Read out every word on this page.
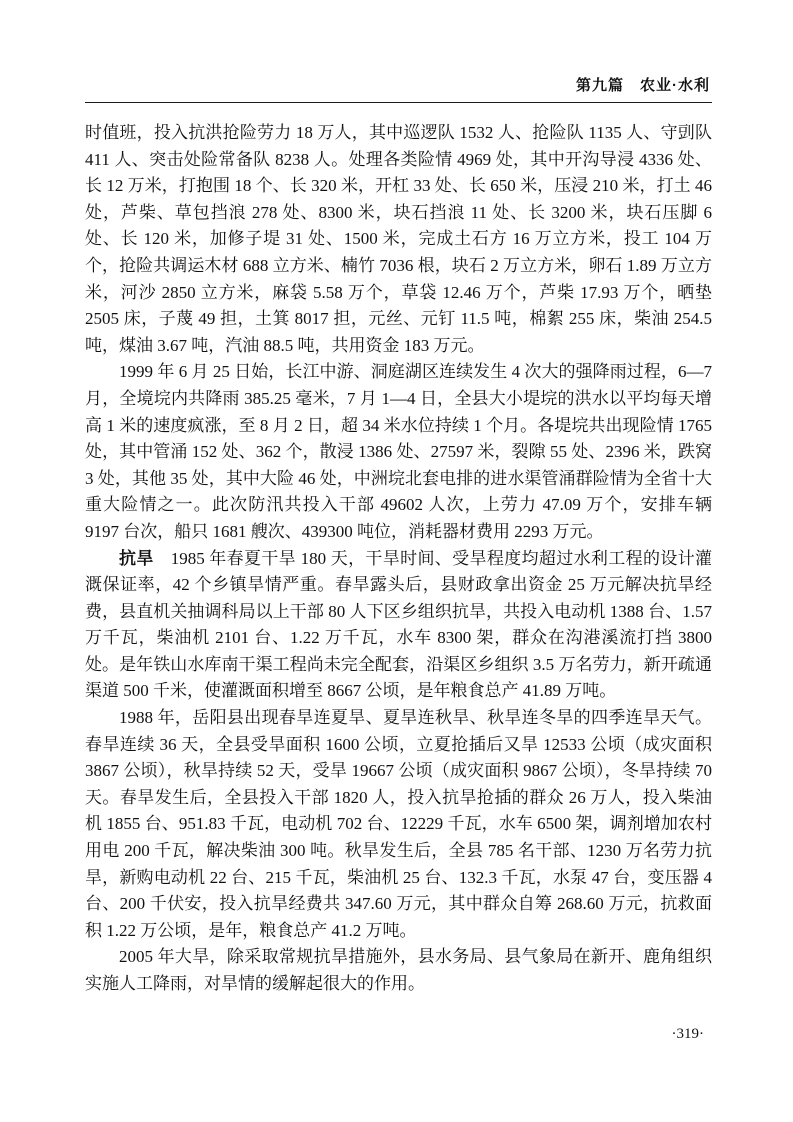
第九篇　农业·水利

时值班，投入抗洪抢险劳力 18 万人，其中巡逻队 1532 人、抢险队 1135 人、守剅队 411 人、突击处险常备队 8238 人。处理各类险情 4969 处，其中开沟导浸 4336 处、长 12 万米，打抱围 18 个、长 320 米，开杠 33 处、长 650 米，压浸 210 米，打土 46 处，芦柴、草包挡浪 278 处、8300 米，块石挡浪 11 处、长 3200 米，块石压脚 6 处、长 120 米，加修子堤 31 处、1500 米，完成土石方 16 万立方米，投工 104 万个，抢险共调运木材 688 立方米、楠竹 7036 根，块石 2 万立方米，卵石 1.89 万立方米，河沙 2850 立方米，麻袋 5.58 万个，草袋 12.46 万个，芦柴 17.93 万个，晒垫 2505 床，子蔑 49 担，土箕 8017 担，元丝、元钉 11.5 吨，棉絮 255 床，柴油 254.5 吨，煤油 3.67 吨，汽油 88.5 吨，共用资金 183 万元。

1999 年 6 月 25 日始，长江中游、洞庭湖区连续发生 4 次大的强降雨过程，6—7 月，全境垸内共降雨 385.25 毫米，7 月 1—4 日，全县大小堤垸的洪水以平均每天增高 1 米的速度疯涨，至 8 月 2 日，超 34 米水位持续 1 个月。各堤垸共出现险情 1765 处，其中管涌 152 处、362 个，散浸 1386 处、27597 米，裂隙 55 处、2396 米，跌窝 3 处，其他 35 处，其中大险 46 处，中洲垸北套电排的进水渠管涌群险情为全省十大重大险情之一。此次防汛共投入干部 49602 人次，上劳力 47.09 万个，安排车辆 9197 台次，船只 1681 艘次、439300 吨位，消耗器材费用 2293 万元。

抗旱 1985 年春夏干旱 180 天，干旱时间、受旱程度均超过水利工程的设计灌溉保证率，42 个乡镇旱情严重。春旱露头后，县财政拿出资金 25 万元解决抗旱经费，县直机关抽调科局以上干部 80 人下区乡组织抗旱，共投入电动机 1388 台、1.57 万千瓦，柴油机 2101 台、1.22 万千瓦，水车 8300 架，群众在沟港溪流打挡 3800 处。是年铁山水库南干渠工程尚未完全配套，沿渠区乡组织 3.5 万名劳力，新开疏通渠道 500 千米，使灌溉面积增至 8667 公顷，是年粮食总产 41.89 万吨。

1988 年，岳阳县出现春旱连夏旱、夏旱连秋旱、秋旱连冬旱的四季连旱天气。春旱连续 36 天，全县受旱面积 1600 公顷，立夏抢插后又旱 12533 公顷（成灾面积 3867 公顷），秋旱持续 52 天，受旱 19667 公顷（成灾面积 9867 公顷），冬旱持续 70 天。春旱发生后，全县投入干部 1820 人，投入抗旱抢插的群众 26 万人，投入柴油机 1855 台、951.83 千瓦，电动机 702 台、12229 千瓦，水车 6500 架，调剂增加农村用电 200 千瓦，解决柴油 300 吨。秋旱发生后，全县 785 名干部、1230 万名劳力抗旱，新购电动机 22 台、215 千瓦，柴油机 25 台、132.3 千瓦，水泵 47 台，变压器 4 台、200 千伏安，投入抗旱经费共 347.60 万元，其中群众自筹 268.60 万元，抗救面积 1.22 万公顷，是年，粮食总产 41.2 万吨。

2005 年大旱，除采取常规抗旱措施外，县水务局、县气象局在新开、鹿角组织实施人工降雨，对旱情的缓解起很大的作用。

·319·
